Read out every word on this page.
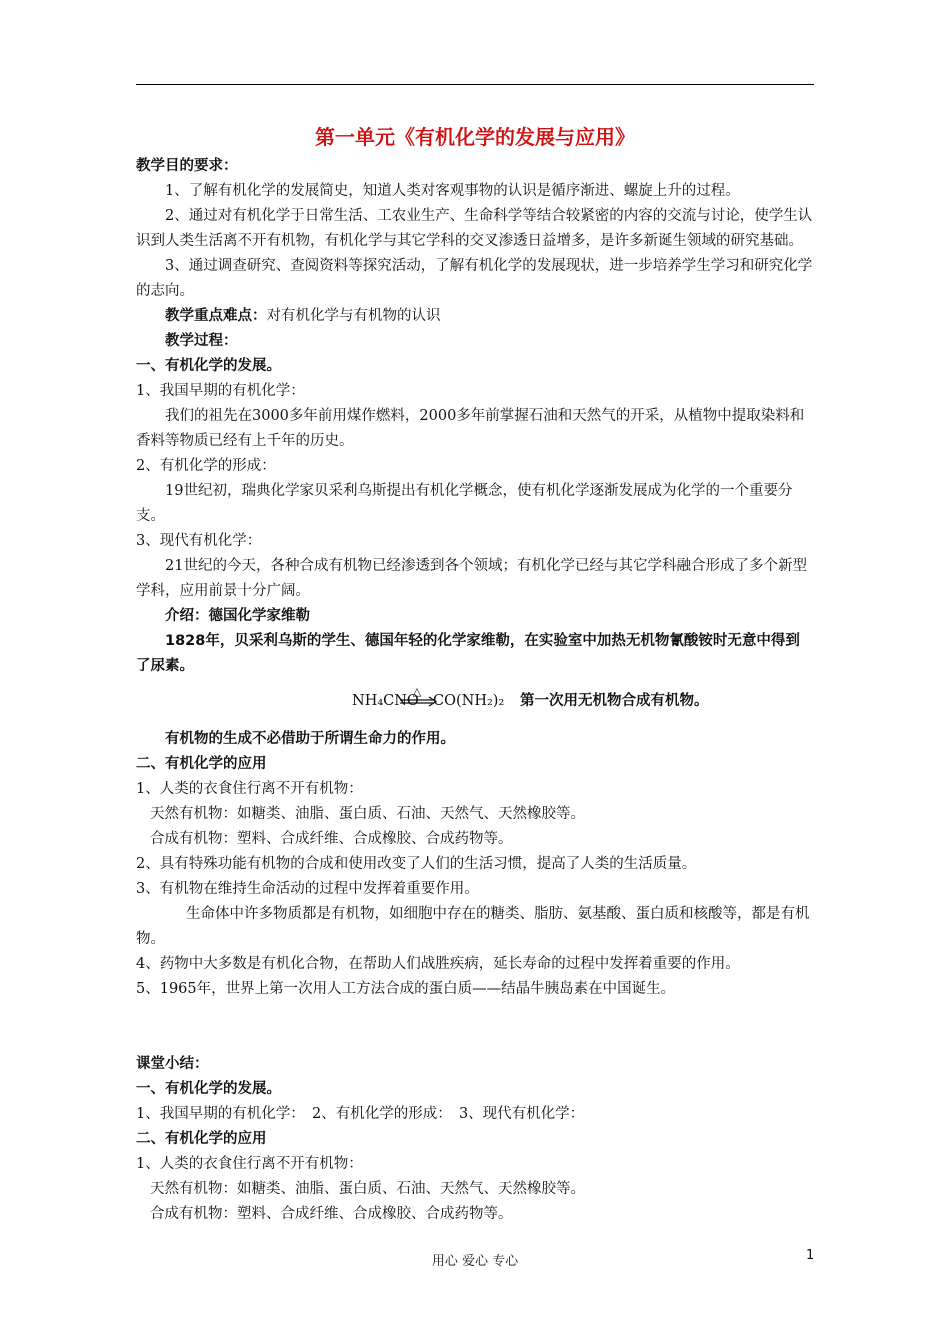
第一单元《有机化学的发展与应用》

教学目的要求：

1、了解有机化学的发展简史，知道人类对客观事物的认识是循序渐进、螺旋上升的过程。

2、通过对有机化学于日常生活、工农业生产、生命科学等结合较紧密的内容的交流与讨论，使学生认识到人类生活离不开有机物，有机化学与其它学科的交叉渗透日益增多，是许多新诞生领域的研究基础。

3、通过调查研究、查阅资料等探究活动，了解有机化学的发展现状，进一步培养学生学习和研究化学的志向。

教学重点难点：对有机化学与有机物的认识

教学过程：

一、有机化学的发展。

1、我国早期的有机化学：

我们的祖先在3000多年前用煤作燃料，2000多年前掌握石油和天然气的开采，从植物中提取染料和香料等物质已经有上千年的历史。

2、有机化学的形成：

19世纪初，瑞典化学家贝采利乌斯提出有机化学概念，使有机化学逐渐发展成为化学的一个重要分支。

3、现代有机化学：

21世纪的今天，各种合成有机物已经渗透到各个领域；有机化学已经与其它学科融合形成了多个新型学科，应用前景十分广阔。

介绍：德国化学家维勒

1828年，贝采利乌斯的学生、德国年轻的化学家维勒，在实验室中加热无机物氰酸铵时无意中得到了尿素。

NH₄CNO
△
CO(NH₂)₂ 第一次用无机物合成有机物。

有机物的生成不必借助于所谓生命力的作用。

二、有机化学的应用

1、人类的衣食住行离不开有机物：

天然有机物：如糖类、油脂、蛋白质、石油、天然气、天然橡胶等。

合成有机物：塑料、合成纤维、合成橡胶、合成药物等。

2、具有特殊功能有机物的合成和使用改变了人们的生活习惯，提高了人类的生活质量。

3、有机物在维持生命活动的过程中发挥着重要作用。

生命体中许多物质都是有机物，如细胞中存在的糖类、脂肪、氨基酸、蛋白质和核酸等，都是有机物。

4、药物中大多数是有机化合物，在帮助人们战胜疾病，延长寿命的过程中发挥着重要的作用。

5、1965年，世界上第一次用人工方法合成的蛋白质——结晶牛胰岛素在中国诞生。

课堂小结：

一、有机化学的发展。

1、我国早期的有机化学：　2、有机化学的形成：　3、现代有机化学：

二、有机化学的应用

1、人类的衣食住行离不开有机物：

天然有机物：如糖类、油脂、蛋白质、石油、天然气、天然橡胶等。

合成有机物：塑料、合成纤维、合成橡胶、合成药物等。

用心 爱心 专心	1
